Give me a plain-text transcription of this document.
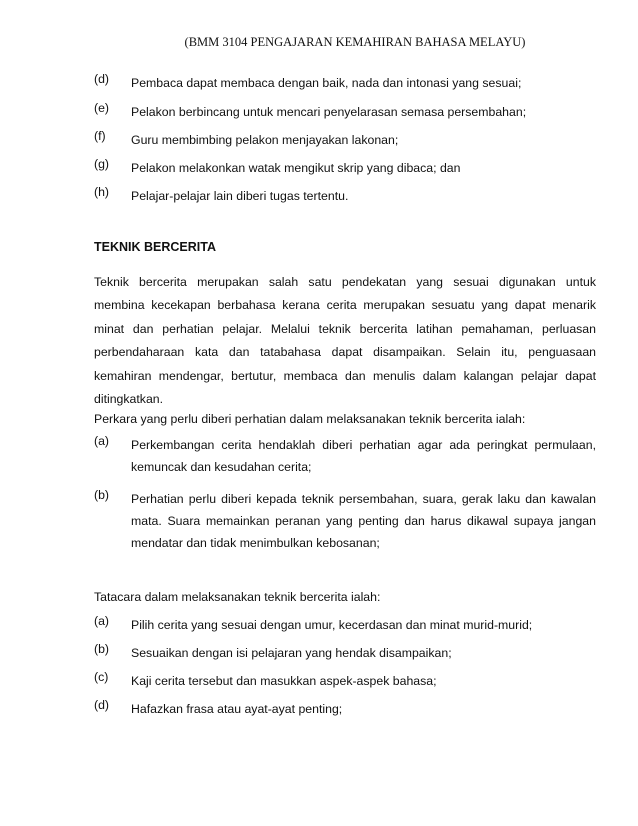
(BMM 3104 PENGAJARAN KEMAHIRAN BAHASA MELAYU)
(d)	Pembaca dapat membaca dengan baik, nada dan intonasi yang sesuai;
(e)	Pelakon berbincang untuk mencari penyelarasan semasa persembahan;
(f)	Guru membimbing pelakon menjayakan lakonan;
(g)	Pelakon melakonkan watak mengikut skrip yang dibaca; dan
(h)	Pelajar-pelajar lain diberi tugas tertentu.
TEKNIK BERCERITA
Teknik bercerita merupakan salah satu pendekatan yang sesuai digunakan untuk
membina kecekapan berbahasa kerana cerita merupakan sesuatu yang dapat menarik
minat dan perhatian pelajar. Melalui teknik bercerita latihan pemahaman, perluasan
perbendaharaan kata dan tatabahasa dapat disampaikan. Selain itu, penguasaan
kemahiran mendengar, bertutur, membaca dan menulis dalam kalangan pelajar dapat
ditingkatkan.
Perkara yang perlu diberi perhatian dalam melaksanakan teknik bercerita ialah:
(a)	Perkembangan cerita hendaklah diberi perhatian agar ada peringkat permulaan,
kemuncak dan kesudahan cerita;
(b)	Perhatian perlu diberi kepada teknik persembahan, suara, gerak laku dan kawalan
mata. Suara memainkan peranan yang penting dan harus dikawal supaya jangan
mendatar dan tidak menimbulkan kebosanan;
Tatacara dalam melaksanakan teknik bercerita ialah:
(a)	Pilih cerita yang sesuai dengan umur, kecerdasan dan minat murid-murid;
(b)	Sesuaikan dengan isi pelajaran yang hendak disampaikan;
(c)	Kaji cerita tersebut dan masukkan aspek-aspek bahasa;
(d)	Hafazkan frasa atau ayat-ayat penting;
